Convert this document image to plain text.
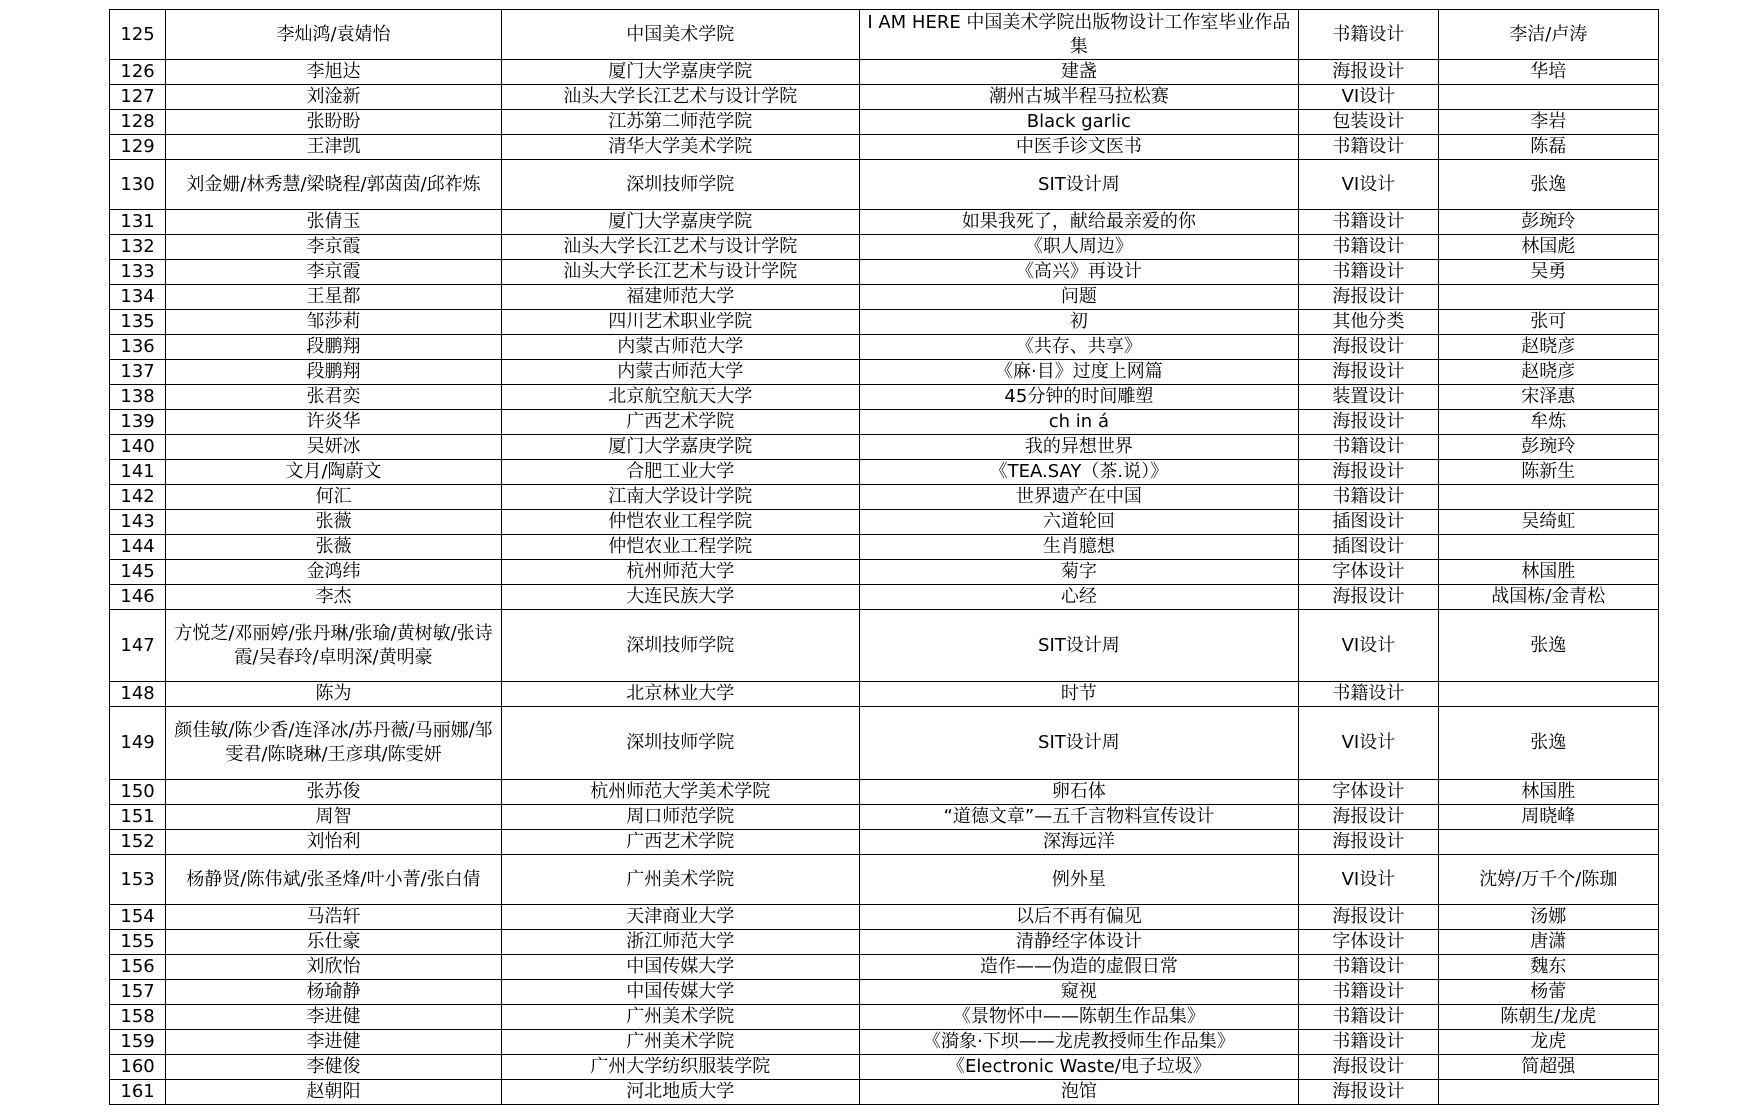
125	李灿鸿/袁婧怡	中国美术学院	I AM HERE 中国美术学院出版物设计工作室毕业作品集	书籍设计	李洁/卢涛
126	李旭达	厦门大学嘉庚学院	建盏	海报设计	华培
127	刘淦新	汕头大学长江艺术与设计学院	潮州古城半程马拉松赛	VI设计	
128	张盼盼	江苏第二师范学院	Black garlic	包装设计	李岩
129	王津凯	清华大学美术学院	中医手诊文医书	书籍设计	陈磊
130	刘金姗/林秀慧/梁晓程/郭茵茵/邱祚炼	深圳技师学院	SIT设计周	VI设计	张逸
131	张倩玉	厦门大学嘉庚学院	如果我死了，献给最亲爱的你	书籍设计	彭琬玲
132	李京霞	汕头大学长江艺术与设计学院	《职人周边》	书籍设计	林国彪
133	李京霞	汕头大学长江艺术与设计学院	《高兴》再设计	书籍设计	吴勇
134	王星都	福建师范大学	问题	海报设计	
135	邹莎莉	四川艺术职业学院	初	其他分类	张可
136	段鹏翔	内蒙古师范大学	《共存、共享》	海报设计	赵晓彦
137	段鹏翔	内蒙古师范大学	《麻·目》过度上网篇	海报设计	赵晓彦
138	张君奕	北京航空航天大学	45分钟的时间雕塑	装置设计	宋泽惠
139	许炎华	广西艺术学院	ch in á	海报设计	牟炼
140	吴妍冰	厦门大学嘉庚学院	我的异想世界	书籍设计	彭琬玲
141	文月/陶蔚文	合肥工业大学	《TEA.SAY（茶.说）》	海报设计	陈新生
142	何汇	江南大学设计学院	世界遗产在中国	书籍设计	
143	张薇	仲恺农业工程学院	六道轮回	插图设计	吴绮虹
144	张薇	仲恺农业工程学院	生肖臆想	插图设计	
145	金鸿纬	杭州师范大学	菊字	字体设计	林国胜
146	李杰	大连民族大学	心经	海报设计	战国栋/金青松
147	方悦芝/邓丽婷/张丹琳/张瑜/黄树敏/张诗霞/吴春玲/卓明深/黄明豪	深圳技师学院	SIT设计周	VI设计	张逸
148	陈为	北京林业大学	时节	书籍设计	
149	颜佳敏/陈少香/连泽冰/苏丹薇/马丽娜/邹雯君/陈晓琳/王彦琪/陈雯妍	深圳技师学院	SIT设计周	VI设计	张逸
150	张苏俊	杭州师范大学美术学院	卵石体	字体设计	林国胜
151	周智	周口师范学院	“道德文章”—五千言物料宣传设计	海报设计	周晓峰
152	刘怡利	广西艺术学院	深海远洋	海报设计	
153	杨静贤/陈伟斌/张圣烽/叶小菁/张白倩	广州美术学院	例外星	VI设计	沈婷/万千个/陈珈
154	马浩轩	天津商业大学	以后不再有偏见	海报设计	汤娜
155	乐仕豪	浙江师范大学	清静经字体设计	字体设计	唐潇
156	刘欣怡	中国传媒大学	造作——伪造的虚假日常	书籍设计	魏东
157	杨瑜静	中国传媒大学	窥视	书籍设计	杨蕾
158	李进健	广州美术学院	《景物怀中——陈朝生作品集》	书籍设计	陈朝生/龙虎
159	李进健	广州美术学院	《漪象·下坝——龙虎教授师生作品集》	书籍设计	龙虎
160	李健俊	广州大学纺织服装学院	《Electronic Waste/电子垃圾》	海报设计	简超强
161	赵朝阳	河北地质大学	泡馆	海报设计	
